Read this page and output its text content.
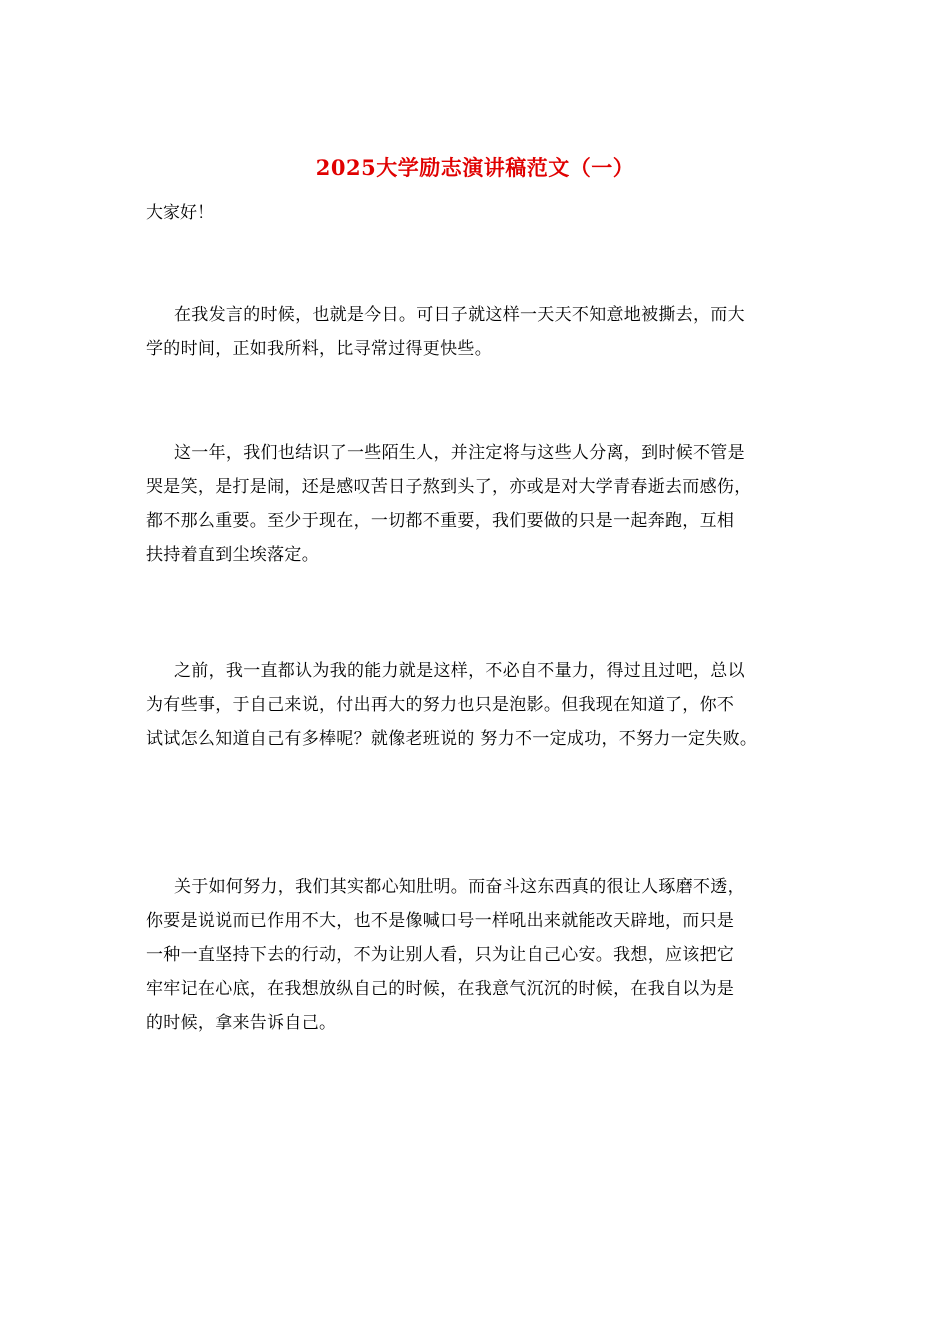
2025大学励志演讲稿范文（一）
大家好！
在我发言的时候，也就是今日。可日子就这样一天天不知意地被撕去，而大
学的时间，正如我所料，比寻常过得更快些。
这一年，我们也结识了一些陌生人，并注定将与这些人分离，到时候不管是
哭是笑，是打是闹，还是感叹苦日子熬到头了，亦或是对大学青春逝去而感伤，
都不那么重要。至少于现在，一切都不重要，我们要做的只是一起奔跑，互相
扶持着直到尘埃落定。
之前，我一直都认为我的能力就是这样，不必自不量力，得过且过吧，总以
为有些事，于自己来说，付出再大的努力也只是泡影。但我现在知道了，你不
试试怎么知道自己有多棒呢？就像老班说的 努力不一定成功，不努力一定失败。
关于如何努力，我们其实都心知肚明。而奋斗这东西真的很让人琢磨不透，
你要是说说而已作用不大，也不是像喊口号一样吼出来就能改天辟地，而只是
一种一直坚持下去的行动，不为让别人看，只为让自己心安。我想，应该把它
牢牢记在心底，在我想放纵自己的时候，在我意气沉沉的时候，在我自以为是
的时候，拿来告诉自己。
